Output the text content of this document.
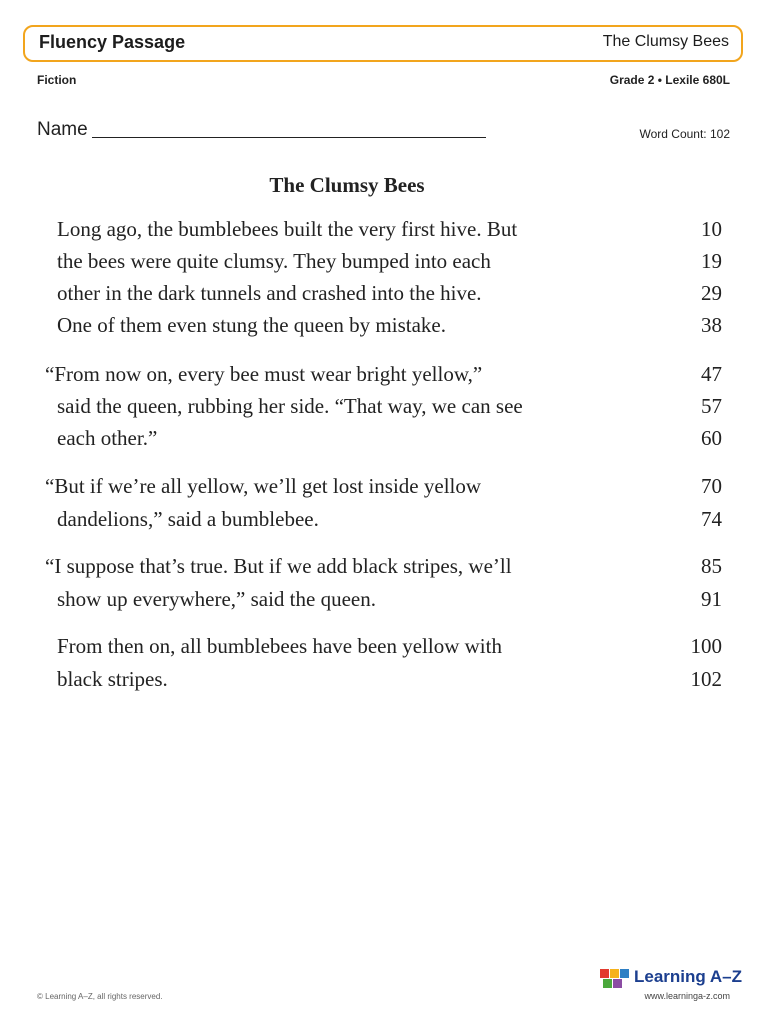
Fluency Passage	The Clumsy Bees
Fiction	Grade 2 • Lexile 680L
Name	Word Count: 102
The Clumsy Bees
Long ago, the bumblebees built the very first hive. But	10
the bees were quite clumsy. They bumped into each	19
other in the dark tunnels and crashed into the hive.	29
One of them even stung the queen by mistake.	38
“From now on, every bee must wear bright yellow,”	47
said the queen, rubbing her side. “That way, we can see	57
each other.”	60
“But if we’re all yellow, we’ll get lost inside yellow	70
dandelions,” said a bumblebee.	74
“I suppose that’s true. But if we add black stripes, we’ll	85
show up everywhere,” said the queen.	91
From then on, all bumblebees have been yellow with	100
black stripes.	102
© Learning A–Z, all rights reserved.
Learning A–Z
www.learninga-z.com
